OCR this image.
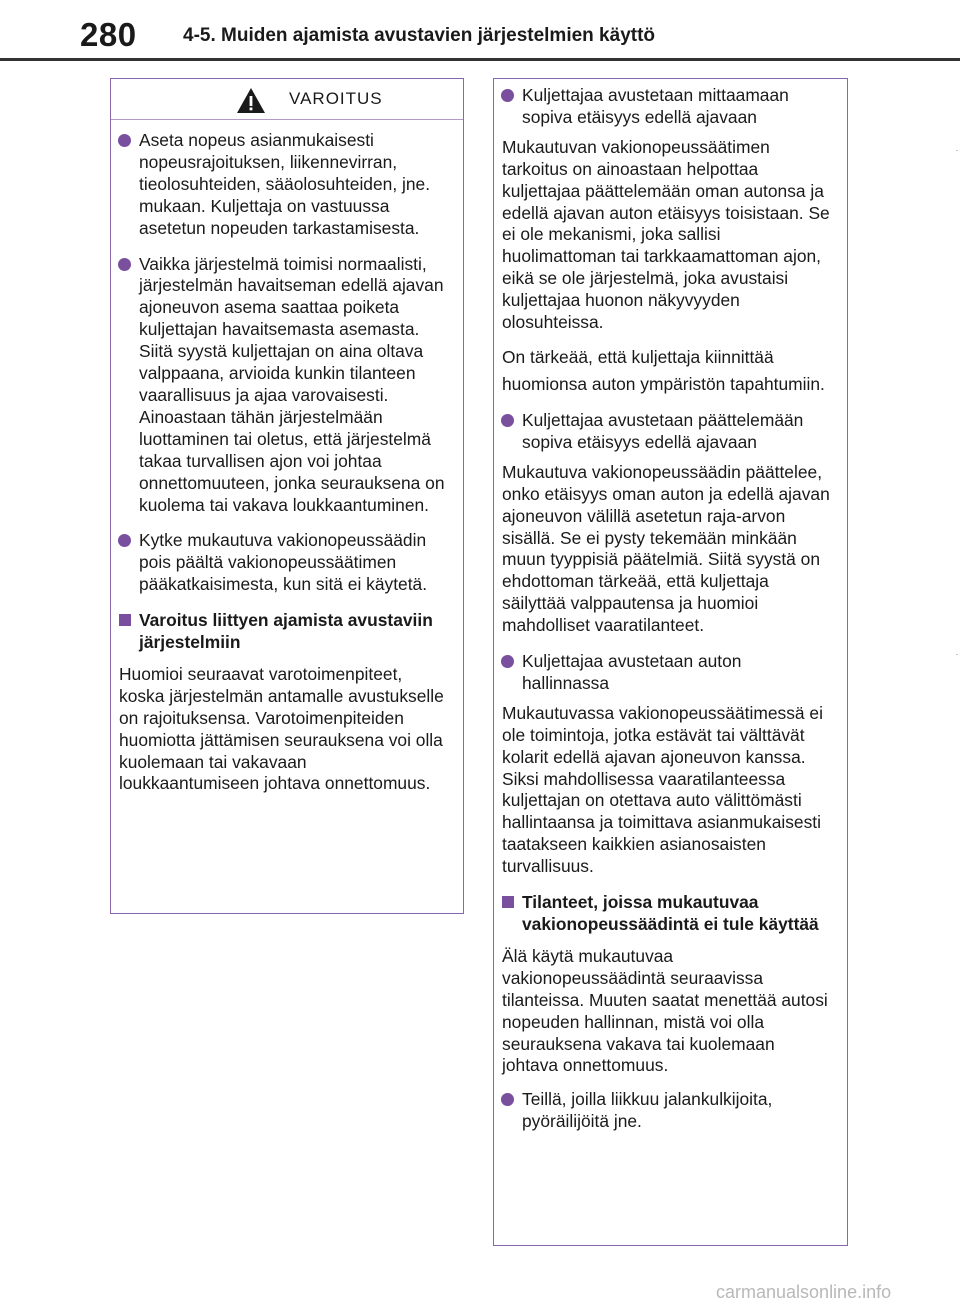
280 4-5. Muiden ajamista avustavien järjestelmien käyttö
VAROITUS
Aseta nopeus asianmukaisesti nopeusrajoituksen, liikennevirran, tieolosuhteiden, sääolosuhteiden, jne. mukaan. Kuljettaja on vastuussa asetetun nopeuden tarkastamisesta.
Vaikka järjestelmä toimisi normaalisti, järjestelmän havaitseman edellä ajavan ajoneuvon asema saattaa poiketa kuljettajan havaitsemasta asemasta. Siitä syystä kuljettajan on aina oltava valppaana, arvioida kunkin tilanteen vaarallisuus ja ajaa varovaisesti. Ainoastaan tähän järjestelmään luottaminen tai oletus, että järjestelmä takaa turvallisen ajon voi johtaa onnettomuuteen, jonka seurauksena on kuolema tai vakava loukkaantuminen.
Kytke mukautuva vakionopeussäädin pois päältä vakionopeussäätimen pääkatkaisimesta, kun sitä ei käytetä.
Varoitus liittyen ajamista avustaviin järjestelmiin
Huomioi seuraavat varotoimenpiteet, koska järjestelmän antamalle avustukselle on rajoituksensa. Varotoimenpiteiden huomiotta jättämisen seurauksena voi olla kuolemaan tai vakavaan loukkaantumiseen johtava onnettomuus.
Kuljettajaa avustetaan mittaamaan sopiva etäisyys edellä ajavaan
Mukautuvan vakionopeussäätimen tarkoitus on ainoastaan helpottaa kuljettajaa päättelemään oman autonsa ja edellä ajavan auton etäisyys toisistaan. Se ei ole mekanismi, joka sallisi huolimattoman tai tarkkaamattoman ajon, eikä se ole järjestelmä, joka avustaisi kuljettajaa huonon näkyvyyden olosuhteissa.
On tärkeää, että kuljettaja kiinnittää huomionsa auton ympäristön tapahtumiin.
Kuljettajaa avustetaan päättelemään sopiva etäisyys edellä ajavaan
Mukautuva vakionopeussäädin päättelee, onko etäisyys oman auton ja edellä ajavan ajoneuvon välillä asetetun raja-arvon sisällä. Se ei pysty tekemään minkään muun tyyppisiä päätelmiä. Siitä syystä on ehdottoman tärkeää, että kuljettaja säilyttää valppautensa ja huomioi mahdolliset vaaratilanteet.
Kuljettajaa avustetaan auton hallinnassa
Mukautuvassa vakionopeussäätimessä ei ole toimintoja, jotka estävät tai välttävät kolarit edellä ajavan ajoneuvon kanssa. Siksi mahdollisessa vaaratilanteessa kuljettajan on otettava auto välittömästi hallintaansa ja toimittava asianmukaisesti taatakseen kaikkien asianosaisten turvallisuus.
Tilanteet, joissa mukautuvaa vakionopeussäädintä ei tule käyttää
Älä käytä mukautuvaa vakionopeussäädintä seuraavissa tilanteissa. Muuten saatat menettää autosi nopeuden hallinnan, mistä voi olla seurauksena vakava tai kuolemaan johtava onnettomuus.
Teillä, joilla liikkuu jalankulkijoita, pyöräilijöitä jne.
carmanualsonline.info
